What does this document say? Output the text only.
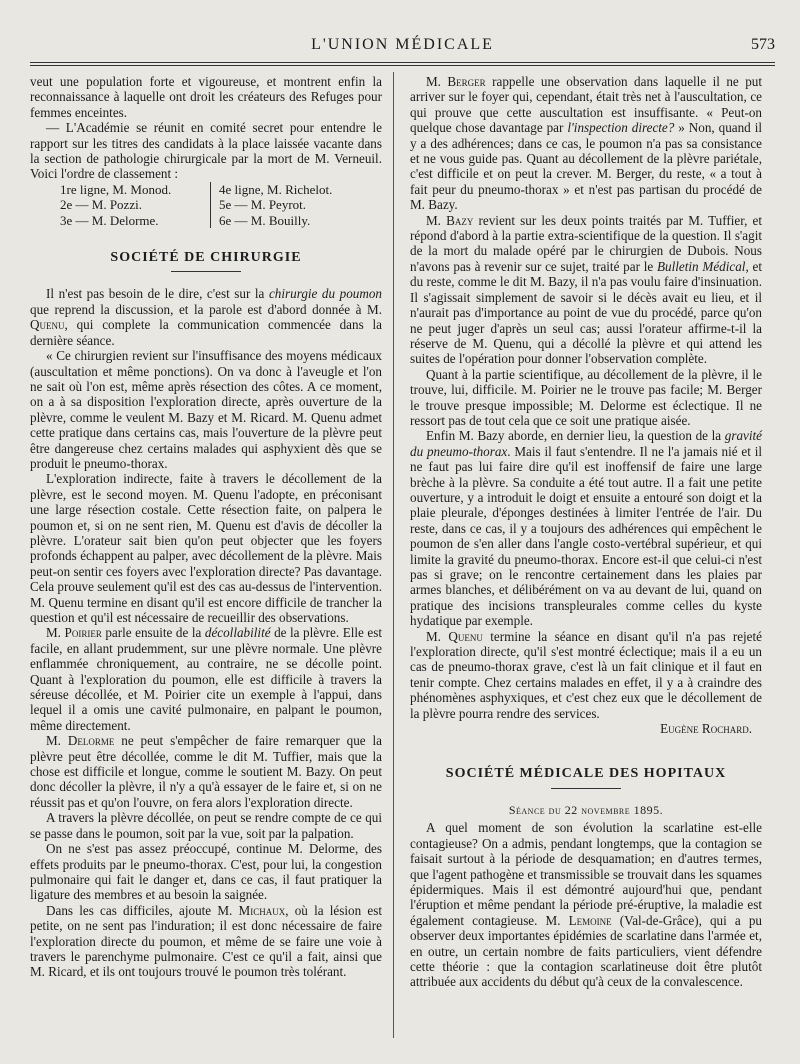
L'UNION MÉDICALE	573

veut une population forte et vigoureuse, et montrent enfin la reconnaissance à laquelle ont droit les créateurs des Refuges pour femmes enceintes.

— L'Académie se réunit en comité secret pour entendre le rapport sur les titres des candidats à la place laissée vacante dans la section de pathologie chirurgicale par la mort de M. Verneuil. Voici l'ordre de classement :

1re ligne, M. Monod.
2e — M. Pozzi.
3e — M. Delorme.
4e ligne, M. Richelot.
5e — M. Peyrot.
6e — M. Bouilly.
SOCIÉTÉ DE CHIRURGIE

Il n'est pas besoin de le dire, c'est sur la chirurgie du poumon que reprend la discussion, et la parole est d'abord donnée à M. Quenu, qui complete la communication commencée dans la dernière séance.

« Ce chirurgien revient sur l'insuffisance des moyens médicaux (auscultation et même ponctions). On va donc à l'aveugle et l'on ne sait où l'on est, même après résection des côtes. A ce moment, on a à sa disposition l'exploration directe, après ouverture de la plèvre, comme le veulent M. Bazy et M. Ricard. M. Quenu admet cette pratique dans certains cas, mais l'ouverture de la plèvre peut être dangereuse chez certains malades qui asphyxient dès que se produit le pneumo-thorax.

L'exploration indirecte, faite à travers le décollement de la plèvre, est le second moyen. M. Quenu l'adopte, en préconisant une large résection costale. Cette résection faite, on palpera le poumon et, si on ne sent rien, M. Quenu est d'avis de décoller la plèvre. L'orateur sait bien qu'on peut objecter que les foyers profonds échappent au palper, avec décollement de la plèvre. Mais peut-on sentir ces foyers avec l'exploration directe? Pas davantage. Cela prouve seulement qu'il est des cas au-dessus de l'intervention. M. Quenu termine en disant qu'il est encore difficile de trancher la question et qu'il est nécessaire de recueillir des observations.

M. Poirier parle ensuite de la décollabilité de la plèvre. Elle est facile, en allant prudemment, sur une plèvre normale. Une plèvre enflammée chroniquement, au contraire, ne se décolle point. Quant à l'exploration du poumon, elle est difficile à travers la séreuse décollée, et M. Poirier cite un exemple à l'appui, dans lequel il a omis une cavité pulmonaire, en palpant le poumon, même directement.

M. Delorme ne peut s'empêcher de faire remarquer que la plèvre peut être décollée, comme le dit M. Tuffier, mais que la chose est difficile et longue, comme le soutient M. Bazy. On peut donc décoller la plèvre, il n'y a qu'à essayer de le faire et, si on ne réussit pas et qu'on l'ouvre, on fera alors l'exploration directe.

A travers la plèvre décollée, on peut se rendre compte de ce qui se passe dans le poumon, soit par la vue, soit par la palpation.

On ne s'est pas assez préoccupé, continue M. Delorme, des effets produits par le pneumo-thorax. C'est, pour lui, la congestion pulmonaire qui fait le danger et, dans ce cas, il faut pratiquer la ligature des membres et au besoin la saignée.

Dans les cas difficiles, ajoute M. Michaux, où la lésion est petite, on ne sent pas l'induration; il est donc nécessaire de faire l'exploration directe du poumon, et même de se faire une voie à travers le parenchyme pulmonaire. C'est ce qu'il a fait, ainsi que M. Ricard, et ils ont toujours trouvé le poumon très tolérant.

M. Berger rappelle une observation dans laquelle il ne put arriver sur le foyer qui, cependant, était très net à l'auscultation, ce qui prouve que cette auscultation est insuffisante. « Peut-on quelque chose davantage par l'inspection directe? » Non, quand il y a des adhérences; dans ce cas, le poumon n'a pas sa consistance et ne vous guide pas. Quant au décollement de la plèvre pariétale, c'est difficile et on peut la crever. M. Berger, du reste, « a tout à fait peur du pneumo-thorax » et n'est pas partisan du procédé de M. Bazy.

M. Bazy revient sur les deux points traités par M. Tuffier, et répond d'abord à la partie extra-scientifique de la question. Il s'agit de la mort du malade opéré par le chirurgien de Dubois. Nous n'avons pas à revenir sur ce sujet, traité par le Bulletin Médical, et du reste, comme le dit M. Bazy, il n'a pas voulu faire d'insinuation. Il s'agissait simplement de savoir si le décès avait eu lieu, et il n'aurait pas d'importance au point de vue du procédé, parce qu'on ne peut juger d'après un seul cas; aussi l'orateur affirme-t-il la réserve de M. Quenu, qui a décollé la plèvre et qui attend les suites de l'opération pour donner l'observation complète.

Quant à la partie scientifique, au décollement de la plèvre, il le trouve, lui, difficile. M. Poirier ne le trouve pas facile; M. Berger le trouve presque impossible; M. Delorme est éclectique. Il ne ressort pas de tout cela que ce soit une pratique aisée.

Enfin M. Bazy aborde, en dernier lieu, la question de la gravité du pneumo-thorax. Mais il faut s'entendre. Il ne l'a jamais nié et il ne faut pas lui faire dire qu'il est inoffensif de faire une large brèche à la plèvre. Sa conduite a été tout autre. Il a fait une petite ouverture, y a introduit le doigt et ensuite a entouré son doigt et la plaie pleurale, d'éponges destinées à limiter l'entrée de l'air. Du reste, dans ce cas, il y a toujours des adhérences qui empêchent le poumon de s'en aller dans l'angle costo-vertébral supérieur, et qui limite la gravité du pneumo-thorax. Encore est-il que celui-ci n'est pas si grave; on le rencontre certainement dans les plaies par armes blanches, et délibérément on va au devant de lui, quand on pratique des incisions transpleurales comme celles du kyste hydatique par exemple.

M. Quenu termine la séance en disant qu'il n'a pas rejeté l'exploration directe, qu'il s'est montré éclectique; mais il a eu un cas de pneumo-thorax grave, c'est là un fait clinique et il faut en tenir compte. Chez certains malades en effet, il y a à craindre des phénomènes asphyxiques, et c'est chez eux que le décollement de la plèvre pourra rendre des services.

Eugène Rochard.
SOCIÉTÉ MÉDICALE DES HOPITAUX

Séance du 22 novembre 1895.

A quel moment de son évolution la scarlatine est-elle contagieuse? On a admis, pendant longtemps, que la contagion se faisait surtout à la période de desquamation; en d'autres termes, que l'agent pathogène et transmissible se trouvait dans les squames épidermiques. Mais il est démontré aujourd'hui que, pendant l'éruption et même pendant la période pré-éruptive, la maladie est également contagieuse. M. Lemoine (Val-de-Grâce), qui a pu observer deux importantes épidémies de scarlatine dans l'armée et, en outre, un certain nombre de faits particuliers, vient défendre cette théorie : que la contagion scarlatineuse doit être plutôt attribuée aux accidents du début qu'à ceux de la convalescence.
